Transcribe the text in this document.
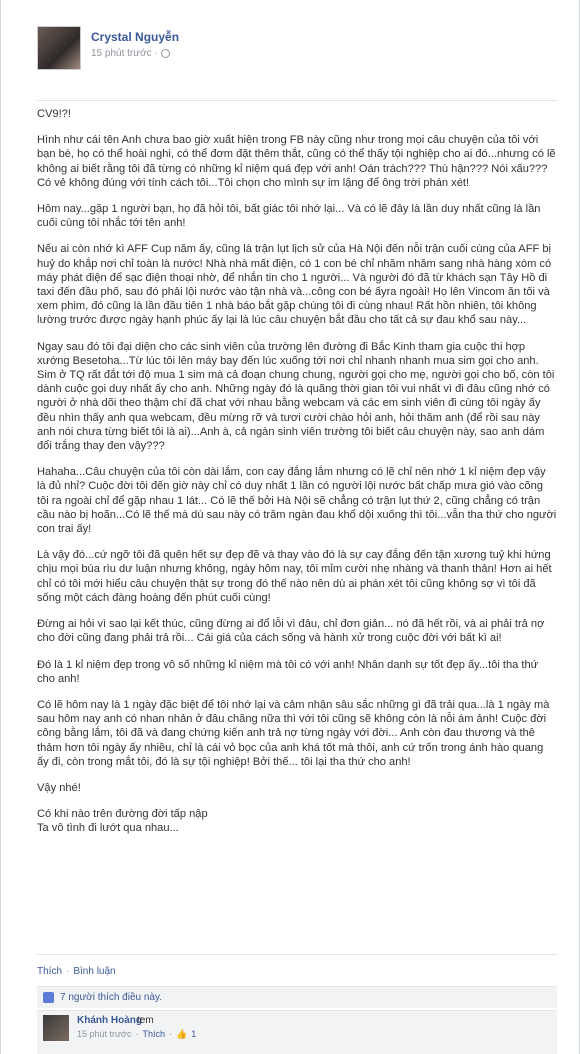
Crystal Nguyễn
15 phút trước ·
CV9!?!
Hình như cái tên Anh chưa bao giờ xuất hiện trong FB này cũng như trong mọi câu chuyện của tôi với bạn bè, họ có thể hoài nghi, có thể đơm đặt thêm thắt, cũng có thể thấy tội nghiệp cho ai đó...nhưng có lẽ không ai biết rằng tôi đã từng có những kỉ niệm quá đẹp với anh! Oán trách??? Thù hận??? Nói xấu??? Có vẻ không đúng với tính cách tôi...Tôi chọn cho mình sự im lặng để ông trời phán xét!
Hôm nay...gặp 1 người bạn, họ đã hỏi tôi, bất giác tôi nhớ lại... Và có lẽ đây là lần duy nhất cũng là lần cuối cùng tôi nhắc tới tên anh!
Nếu ai còn nhớ kì AFF Cup năm ấy, cũng là trận lụt lịch sử của Hà Nội đến nỗi trận cuối cùng của AFF bị huỷ do khắp nơi chỉ toàn là nước! Nhà nhà mất điện, có 1 con bé chỉ nhăm nhăm sang nhà hàng xóm có máy phát điện để sạc điện thoại nhờ, để nhắn tin cho 1 người... Và người đó đã từ khách sạn Tây Hồ đi taxi đến đầu phố, sau đó phải lội nước vào tận nhà và...công con bé ấyra ngoài! Họ lên Vincom ăn tối và xem phim, đó cũng là lần đầu tiên 1 nhà báo bắt gặp chúng tôi đi cùng nhau! Rất hồn nhiên, tôi không lường trước được ngày hạnh phúc ấy lại là lúc câu chuyện bắt đầu cho tất cả sự đau khổ sau này...
Ngay sau đó tôi đại diện cho các sinh viên của trường lên đường đi Bắc Kinh tham gia cuộc thi hợp xướng Besetoha...Từ lúc tôi lên máy bay đến lúc xuống tới nơi chỉ nhanh nhanh mua sim gọi cho anh. Sim ở TQ rất đắt tới độ mua 1 sim mà cả đoạn chung chung, người gọi cho mẹ, người gọi cho bố, còn tôi dành cuộc gọi duy nhất ấy cho anh. Những ngày đó là quãng thời gian tôi vui nhất vì đi đâu cũng nhớ có người ở nhà dõi theo thậm chí đã chat với nhau bằng webcam và các em sinh viên đi cùng tôi ngày ấy đều nhìn thấy anh qua webcam, đều mừng rỡ và tươi cười chào hỏi anh, hỏi thăm anh (để rồi sau này anh nói chưa từng biết tôi là ai)...Anh à, cả ngàn sinh viên trường tôi biết câu chuyện này, sao anh dám đổi trắng thay đen vậy???
Hahaha...Câu chuyện của tôi còn dài lắm, con cay đắng lắm nhưng có lẽ chỉ nên nhớ 1 kỉ niệm đẹp vậy là đủ nhỉ? Cuộc đời tôi đến giờ này chỉ có duy nhất 1 lần có người lội nước bất chấp mưa gió vào cõng tôi ra ngoài chỉ để gặp nhau 1 lát... Có lẽ thế bởi Hà Nội sẽ chẳng có trận lụt thứ 2, cũng chẳng có trận cầu nào bị hoãn...Có lẽ thế mà dù sau này có trăm ngàn đau khổ dội xuống thì tôi...vẫn tha thứ cho người con trai ấy!
Là vậy đó...cứ ngỡ tôi đã quên hết sự đẹp đẽ và thay vào đó là sự cay đắng đến tận xương tuỷ khi hứng chịu mọi búa rìu dư luận nhưng không, ngày hôm nay, tôi mỉm cười nhẹ nhàng và thanh thản! Hơn ai hết chỉ có tôi mới hiểu câu chuyện thật sự trong đó thế nào nên dù ai phán xét tôi cũng không sợ vì tôi đã sống một cách đàng hoàng đến phút cuối cùng!
Đừng ai hỏi vì sao lại kết thúc, cũng đừng ai đổ lỗi vì đâu, chỉ đơn giản... nó đã hết rồi, và ai phải trả nợ cho đời cũng đang phải trả rồi... Cái giá của cách sống và hành xử trong cuộc đời với bất kì ai!
Đó là 1 kỉ niệm đẹp trong vô số những kỉ niệm mà tôi có với anh! Nhân danh sự tốt đẹp ấy...tôi tha thứ cho anh!
Có lẽ hôm nay là 1 ngày đặc biệt để tôi nhớ lại và cảm nhận sâu sắc những gì đã trải qua...là 1 ngày mà sau hôm nay anh có nhan nhản ở đâu chăng nữa thì với tôi cũng sẽ không còn là nỗi ám ảnh! Cuộc đời công bằng lắm, tôi đã và đang chứng kiến anh trả nợ từng ngày với đời... Anh còn đau thương và thê thảm hơn tôi ngày ấy nhiều, chỉ là cái vỏ bọc của anh khá tốt mà thôi, anh cứ trốn trong ánh hào quang ấy đi, còn trong mắt tôi, đó là sự tội nghiệp! Bởi thế... tôi lại tha thứ cho anh!
Vậy nhé!
Có khi nào trên đường đời tấp nập
Ta vô tình đi lướt qua nhau...
Thích · Bình luận
7 người thích điều này.
Khánh Hoàng
tem
15 phút trước · Thích · 👍 1
